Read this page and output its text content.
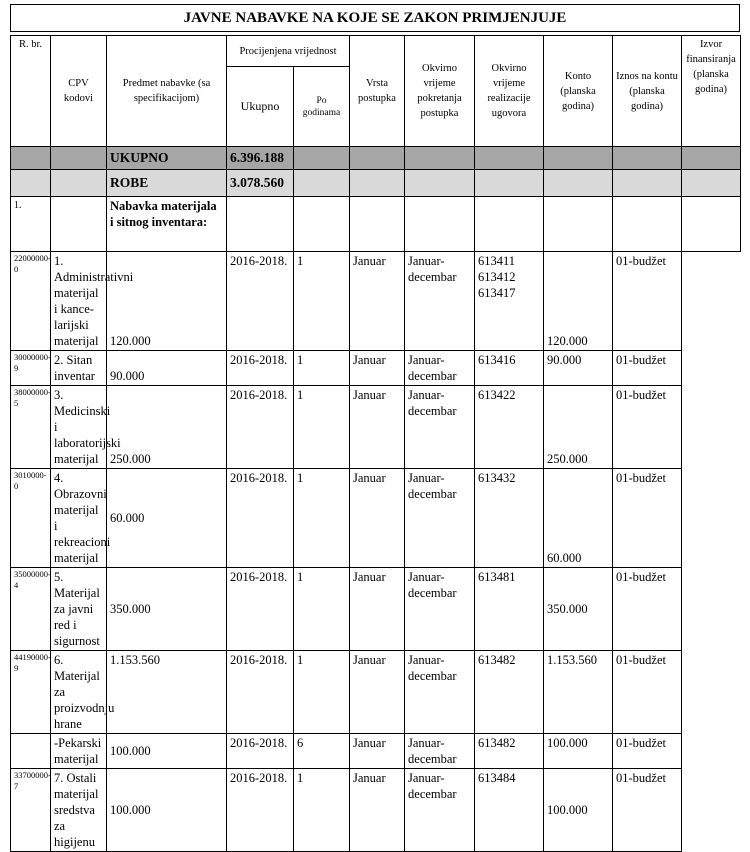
JAVNE NABAVKE NA KOJE SE ZAKON PRIMJENJUJE
R. br.	CPV kodovi	Predmet nabavke (sa specifikacijom)	Procijenjena vrijednost		Vrsta postupka	Okvirno vrijeme pokretanja postupka	Okvirno vrijeme realizacije ugovora	Konto (planska godina)	Iznos na kontu (planska godina)	Izvor finansiranja (planska godina)
			Ukupno	Po godinama						
		UKUPNO	6.396.188							
		ROBE	3.078.560							
1.		Nabavka materijala i sitnog inventara:								
22000000-0	1. Administrativni materijal i kance-larijski materijal	120.000	2016-2018.	1	Januar	Januar-decembar	613411 613412 613417	120.000	01-budžet	
30000000-9	2. Sitan inventar	90.000	2016-2018.	1	Januar	Januar-decembar	613416	90.000	01-budžet	
38000000-5	3. Medicinski i laboratorijski materijal	250.000	2016-2018.	1	Januar	Januar-decembar	613422	250.000	01-budžet	
3010000-0	4. Obrazovni materijal i rekreacioni materijal	60.000	2016-2018.	1	Januar	Januar-decembar	613432	60.000	01-budžet	
35000000-4	5. Materijal za javni red i sigurnost	350.000	2016-2018.	1	Januar	Januar-decembar	613481	350.000	01-budžet	
44190000-9	6. Materijal za proizvodnju hrane	1.153.560	2016-2018.	1	Januar	Januar-decembar	613482	1.153.560	01-budžet	
	-Pekarski materijal	100.000	2016-2018.	6	Januar	Januar-decembar	613482	100.000	01-budžet	
33700000-7	7. Ostali materijal sredstva za higijenu	100.000	2016-2018.	1	Januar	Januar-decembar	613484	100.000	01-budžet	
